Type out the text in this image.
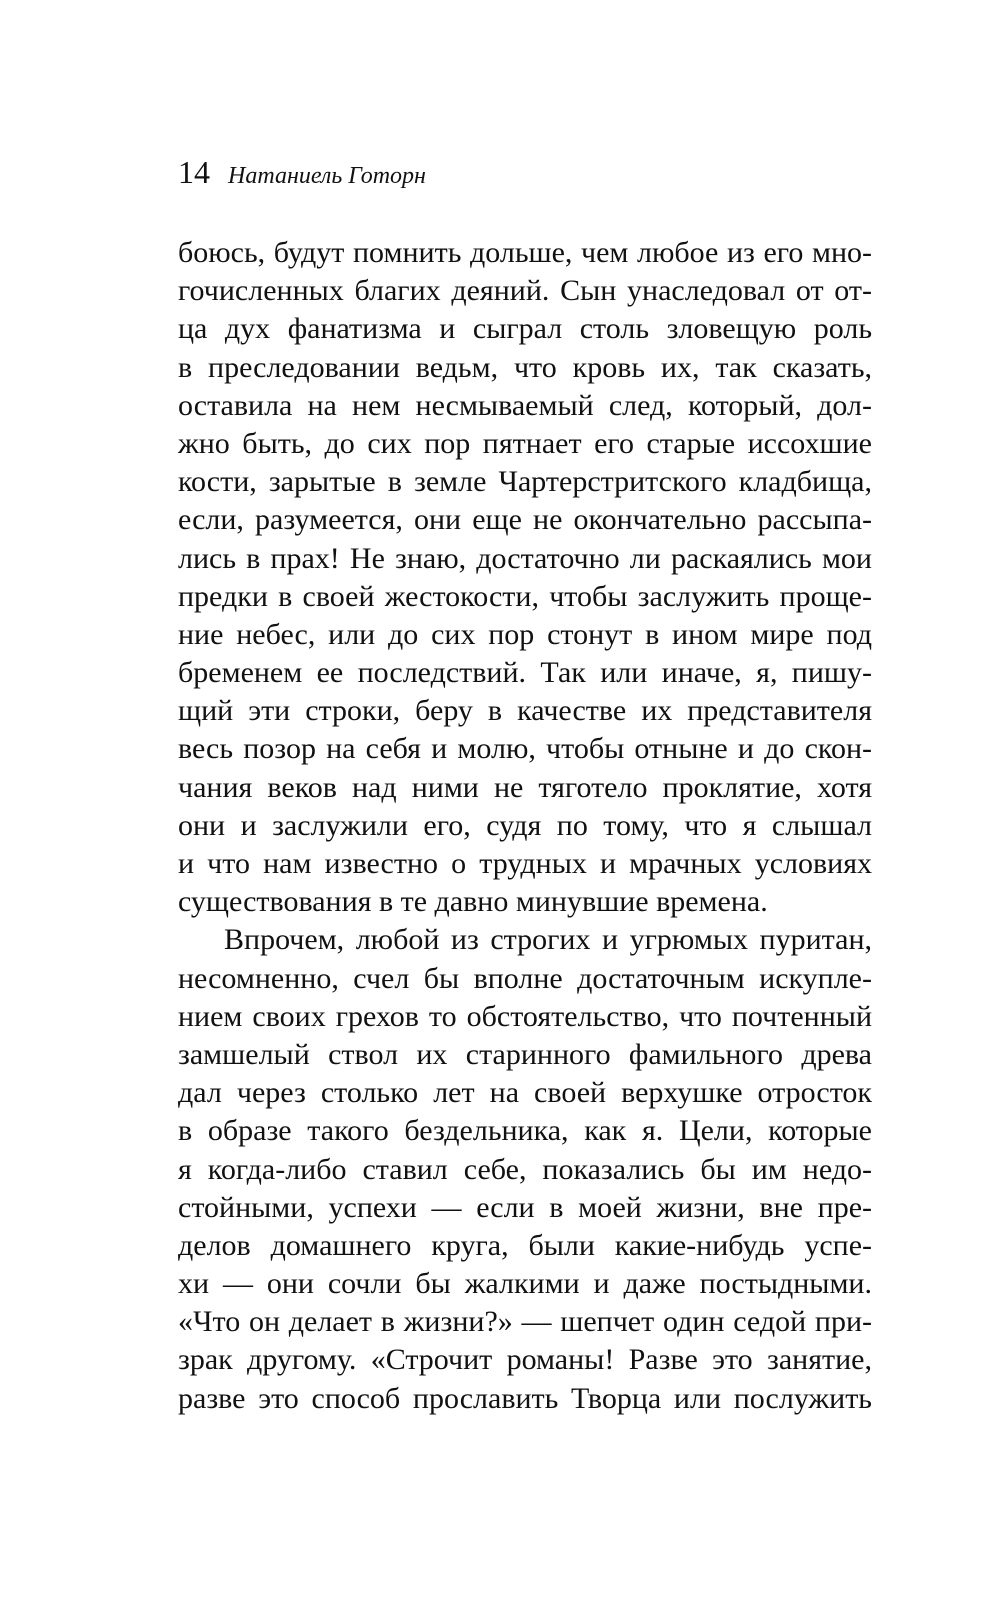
14 Натаниель Готорн
боюсь, будут помнить дольше, чем любое из его мно-
гочисленных благих деяний. Сын унаследовал от от-
ца дух фанатизма и сыграл столь зловещую роль
в преследовании ведьм, что кровь их, так сказать,
оставила на нем несмываемый след, который, дол-
жно быть, до сих пор пятнает его старые иссохшие
кости, зарытые в земле Чартерстритского кладбища,
если, разумеется, они еще не окончательно рассыпа-
лись в прах! Не знаю, достаточно ли раскаялись мои
предки в своей жестокости, чтобы заслужить проще-
ние небес, или до сих пор стонут в ином мире под
бременем ее последствий. Так или иначе, я, пишу-
щий эти строки, беру в качестве их представителя
весь позор на себя и молю, чтобы отныне и до скон-
чания веков над ними не тяготело проклятие, хотя
они и заслужили его, судя по тому, что я слышал
и что нам известно о трудных и мрачных условиях
существования в те давно минувшие времена.
Впрочем, любой из строгих и угрюмых пуритан,
несомненно, счел бы вполне достаточным искупле-
нием своих грехов то обстоятельство, что почтенный
замшелый ствол их старинного фамильного древа
дал через столько лет на своей верхушке отросток
в образе такого бездельника, как я. Цели, которые
я когда-либо ставил себе, показались бы им недо-
стойными, успехи — если в моей жизни, вне пре-
делов домашнего круга, были какие-нибудь успе-
хи — они сочли бы жалкими и даже постыдными.
«Что он делает в жизни?» — шепчет один седой при-
зрак другому. «Строчит романы! Разве это занятие,
разве это способ прославить Творца или послужить
